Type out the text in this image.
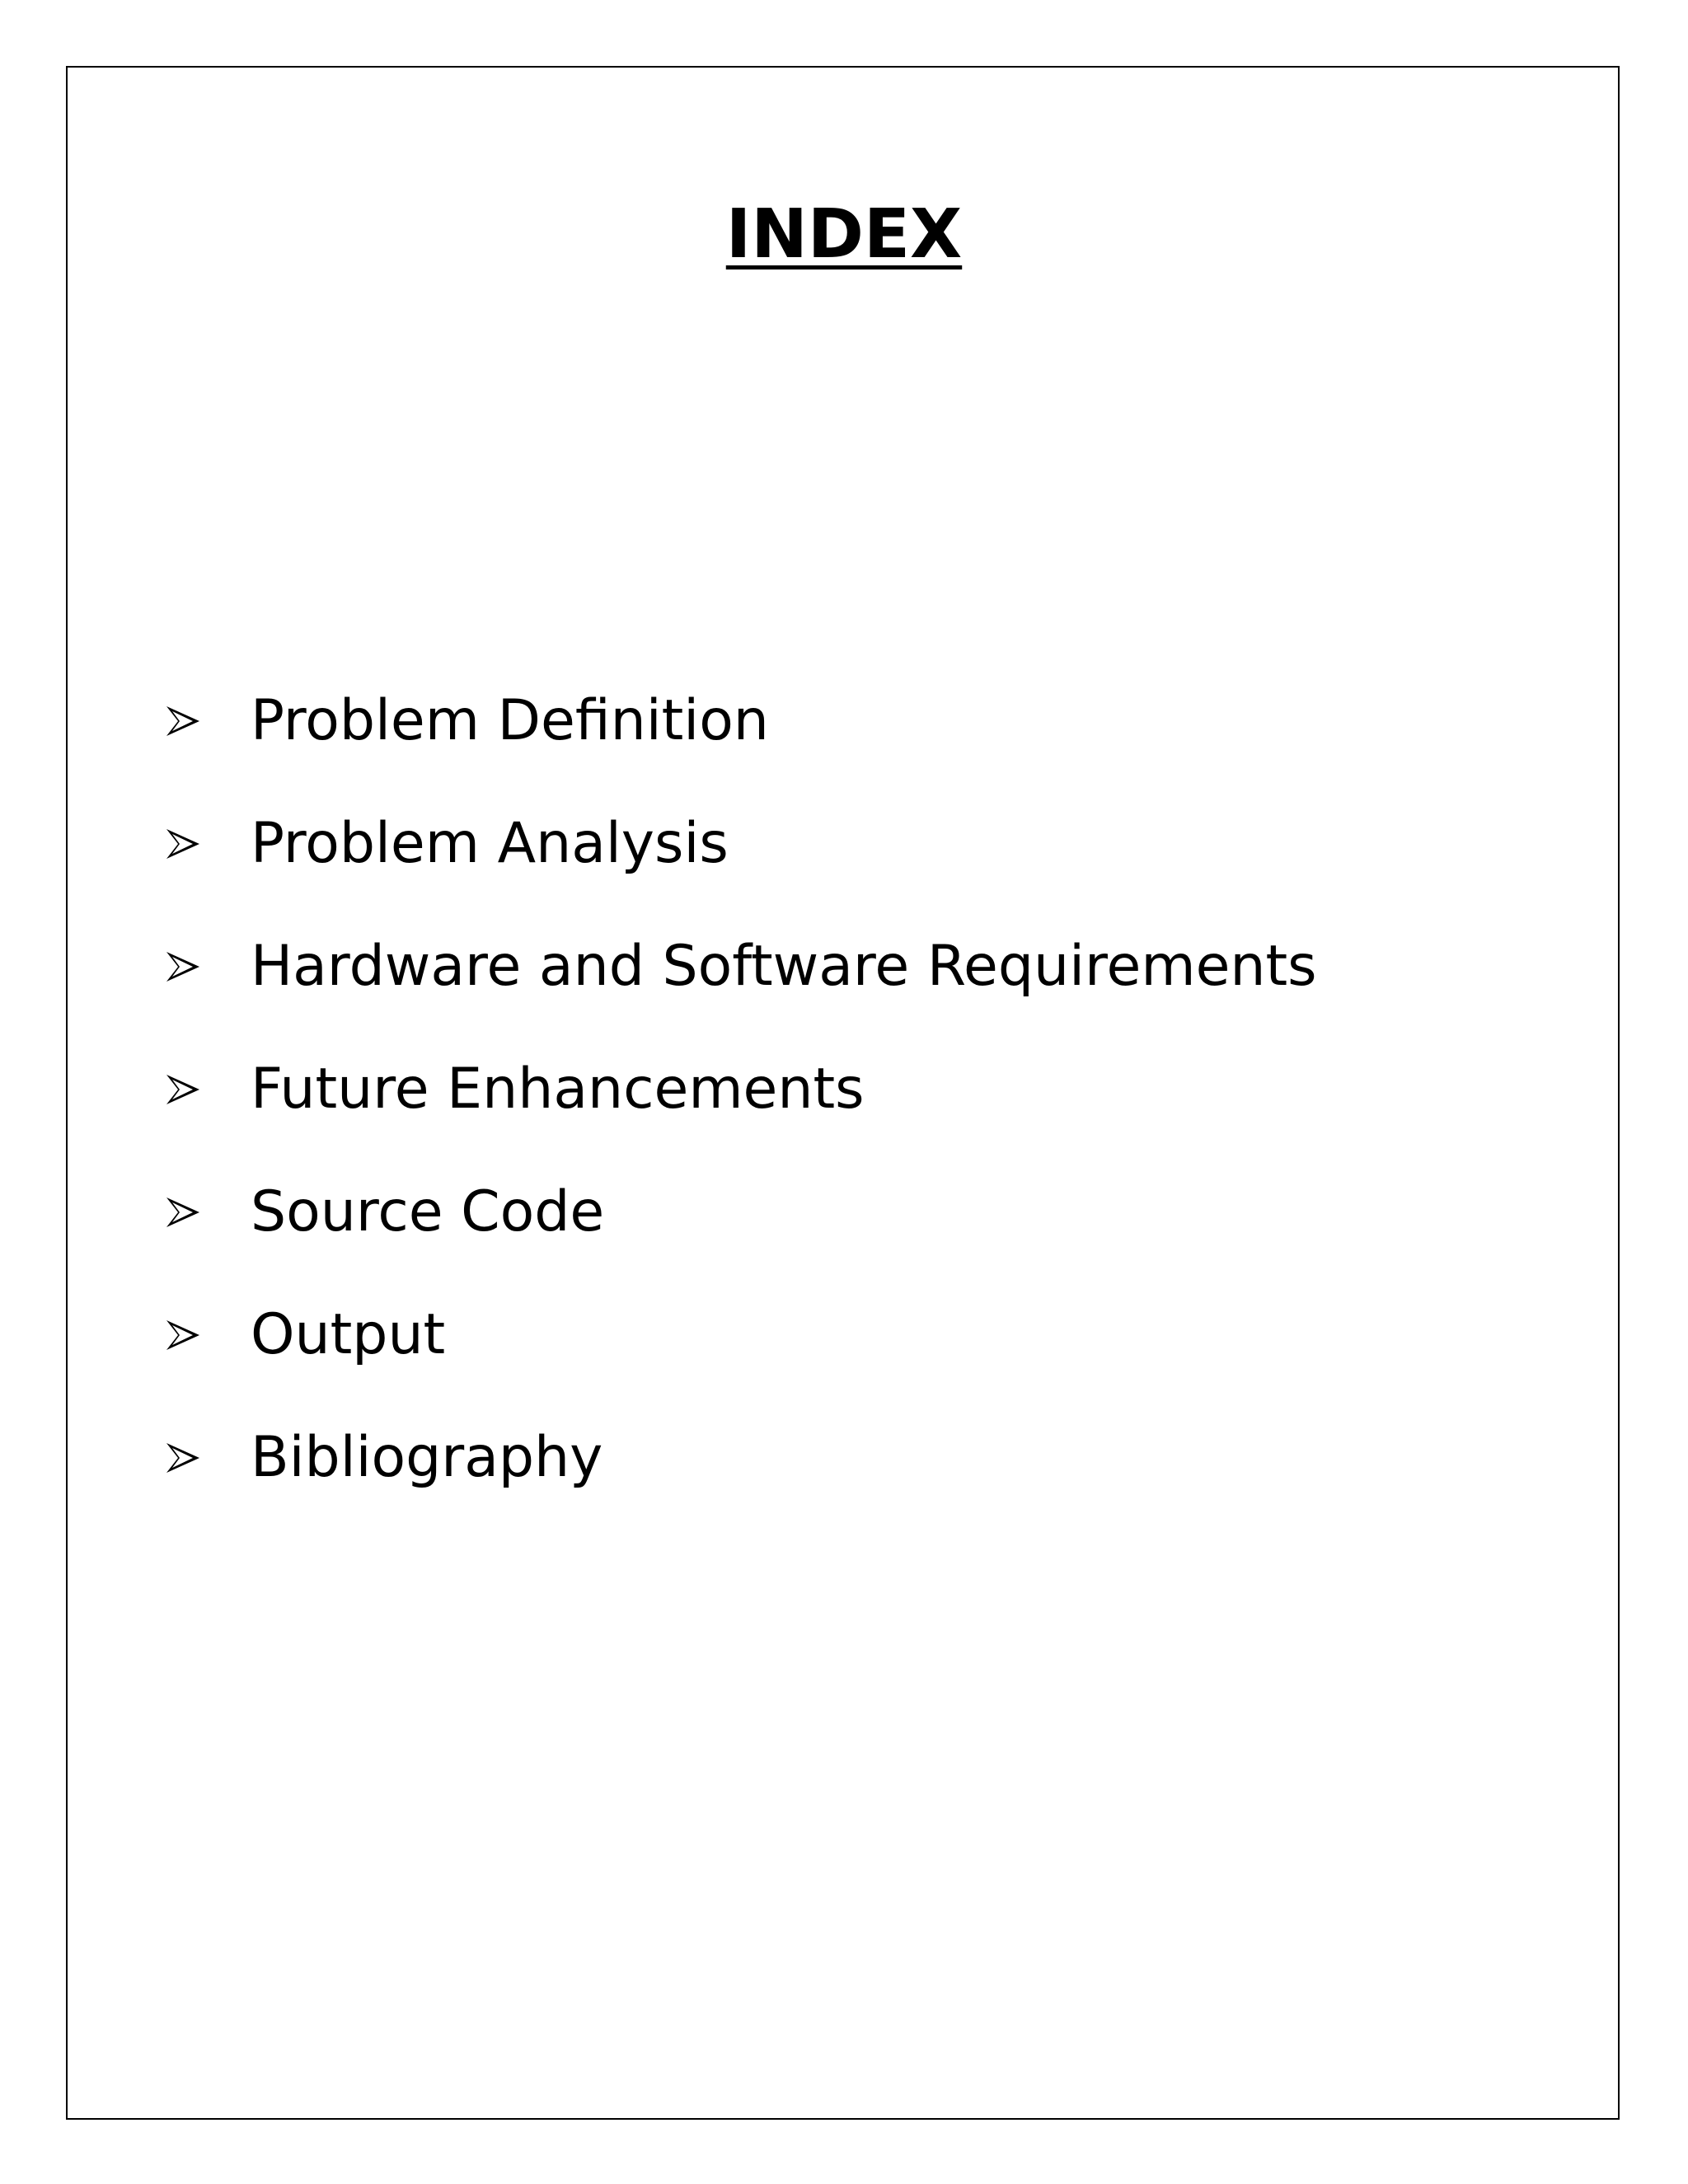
INDEX
Problem Definition
Problem Analysis
Hardware and Software Requirements
Future Enhancements
Source Code
Output
Bibliography
